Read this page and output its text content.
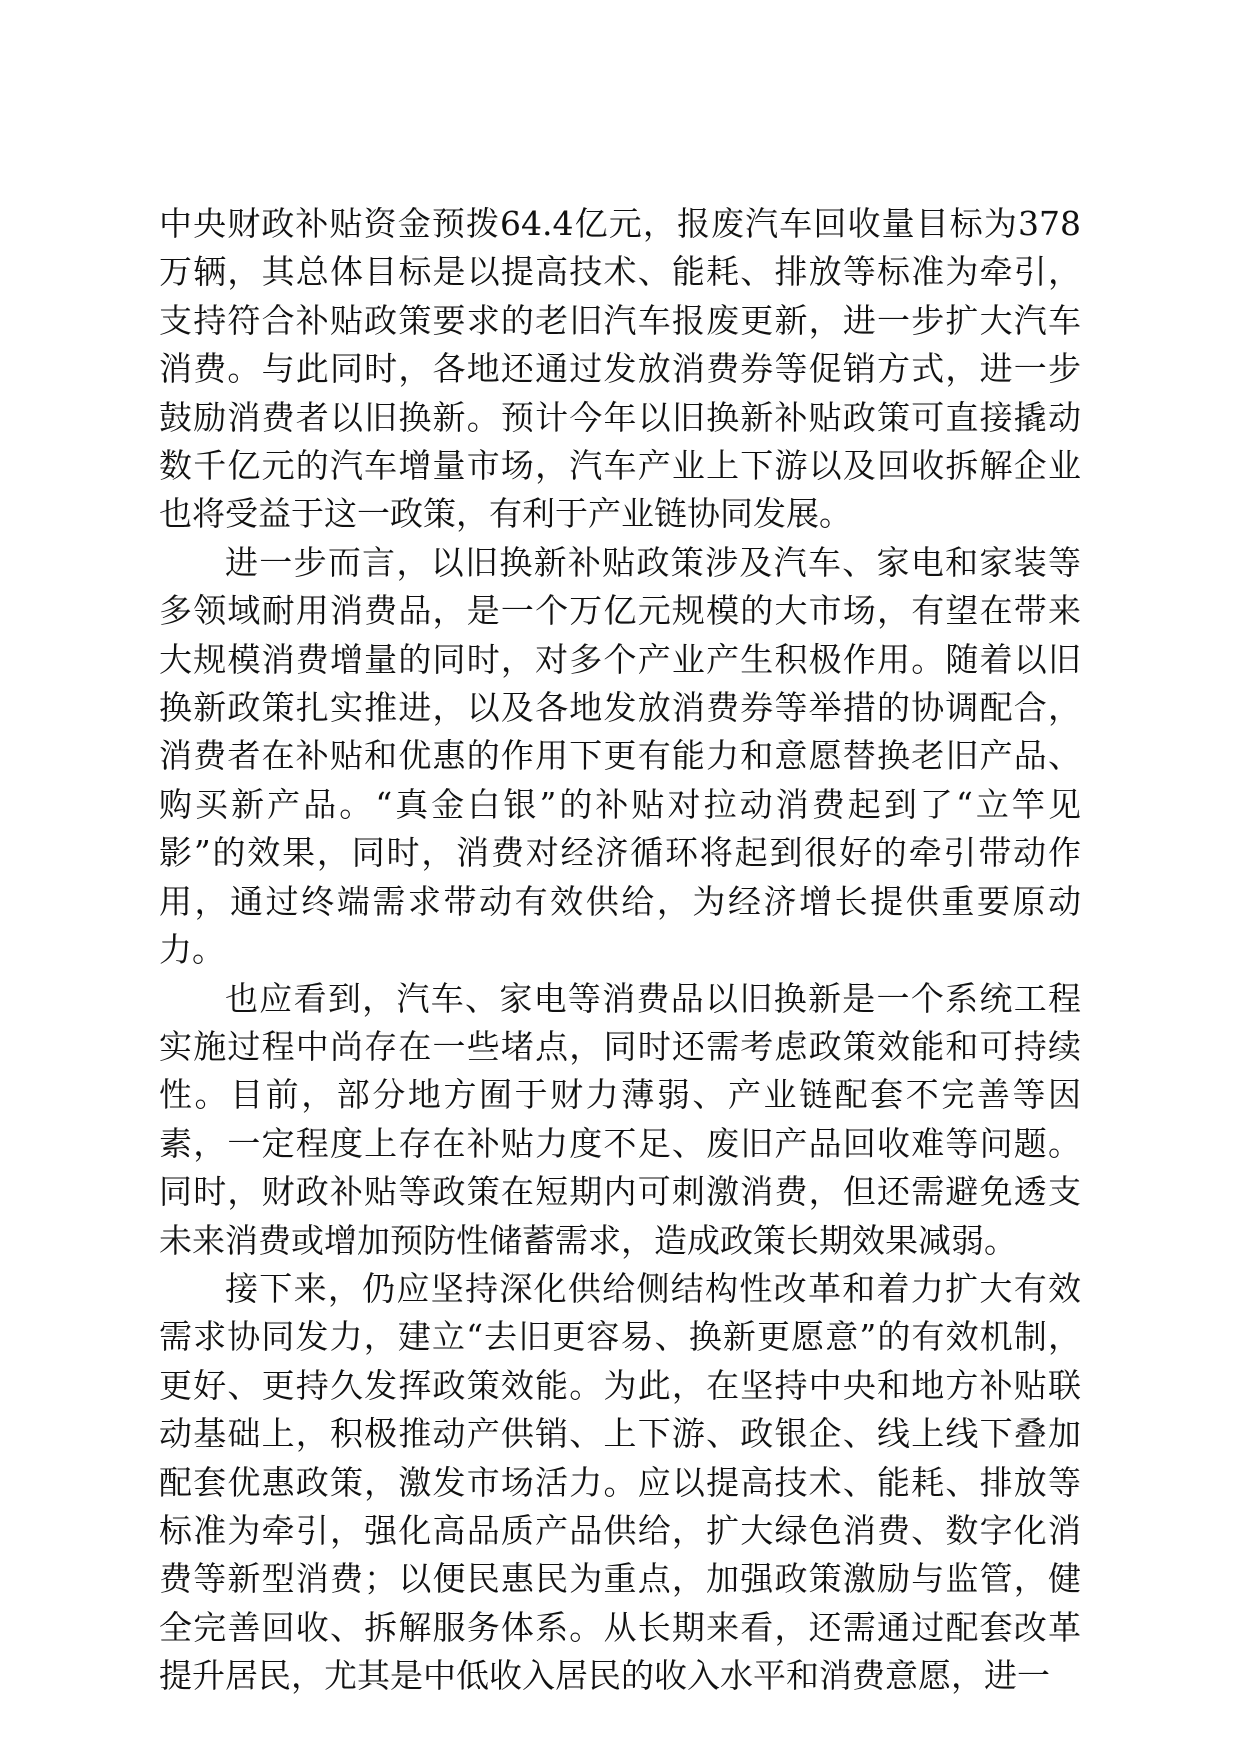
中央财政补贴资金预拨64.4亿元，报废汽车回收量目标为378万辆，其总体目标是以提高技术、能耗、排放等标准为牵引，支持符合补贴政策要求的老旧汽车报废更新，进一步扩大汽车消费。与此同时，各地还通过发放消费券等促销方式，进一步鼓励消费者以旧换新。预计今年以旧换新补贴政策可直接撬动数千亿元的汽车增量市场，汽车产业上下游以及回收拆解企业也将受益于这一政策，有利于产业链协同发展。

进一步而言，以旧换新补贴政策涉及汽车、家电和家装等多领域耐用消费品，是一个万亿元规模的大市场，有望在带来大规模消费增量的同时，对多个产业产生积极作用。随着以旧换新政策扎实推进，以及各地发放消费券等举措的协调配合，消费者在补贴和优惠的作用下更有能力和意愿替换老旧产品、购买新产品。“真金白银”的补贴对拉动消费起到了“立竿见影”的效果，同时，消费对经济循环将起到很好的牵引带动作用，通过终端需求带动有效供给，为经济增长提供重要原动力。

也应看到，汽车、家电等消费品以旧换新是一个系统工程实施过程中尚存在一些堵点，同时还需考虑政策效能和可持续性。目前，部分地方囿于财力薄弱、产业链配套不完善等因素，一定程度上存在补贴力度不足、废旧产品回收难等问题。同时，财政补贴等政策在短期内可刺激消费，但还需避免透支未来消费或增加预防性储蓄需求，造成政策长期效果减弱。

接下来，仍应坚持深化供给侧结构性改革和着力扩大有效需求协同发力，建立“去旧更容易、换新更愿意”的有效机制，更好、更持久发挥政策效能。为此，在坚持中央和地方补贴联动基础上，积极推动产供销、上下游、政银企、线上线下叠加配套优惠政策，激发市场活力。应以提高技术、能耗、排放等标准为牵引，强化高品质产品供给，扩大绿色消费、数字化消费等新型消费；以便民惠民为重点，加强政策激励与监管，健全完善回收、拆解服务体系。从长期来看，还需通过配套改革提升居民，尤其是中低收入居民的收入水平和消费意愿，进一
